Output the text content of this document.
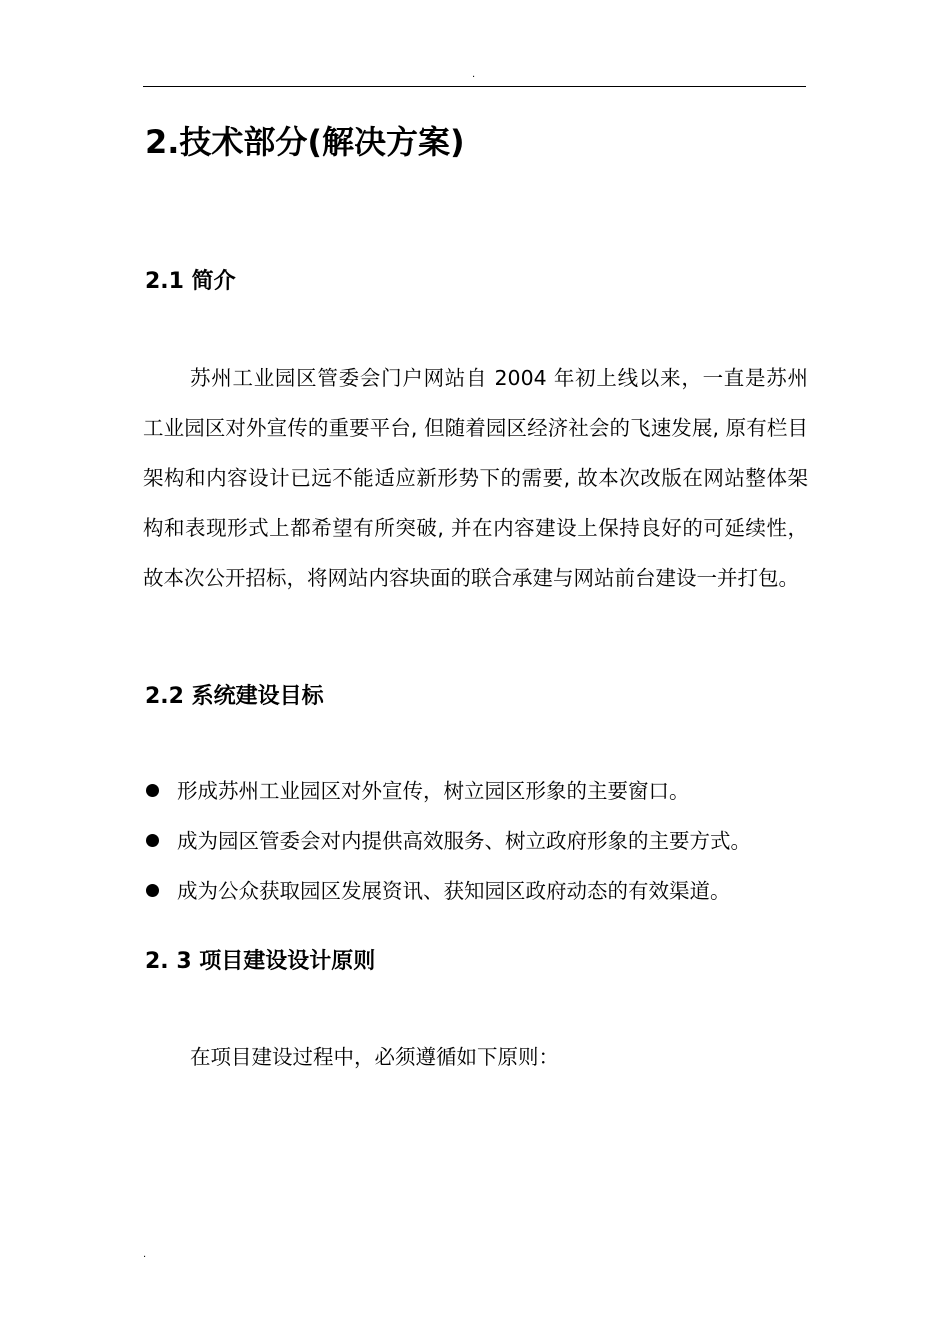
.
2.技术部分(解决方案)
2.1 简介

苏州工业园区管委会门户网站自 2004 年初上线以来，一直是苏州工业园区对外宣传的重要平台, 但随着园区经济社会的飞速发展, 原有栏目架构和内容设计已远不能适应新形势下的需要, 故本次改版在网站整体架构和表现形式上都希望有所突破, 并在内容建设上保持良好的可延续性，故本次公开招标，将网站内容块面的联合承建与网站前台建设一并打包。

2.2 系统建设目标
形成苏州工业园区对外宣传，树立园区形象的主要窗口。
成为园区管委会对内提供高效服务、树立政府形象的主要方式。
成为公众获取园区发展资讯、获知园区政府动态的有效渠道。
2. 3 项目建设设计原则
在项目建设过程中，必须遵循如下原则：
.
